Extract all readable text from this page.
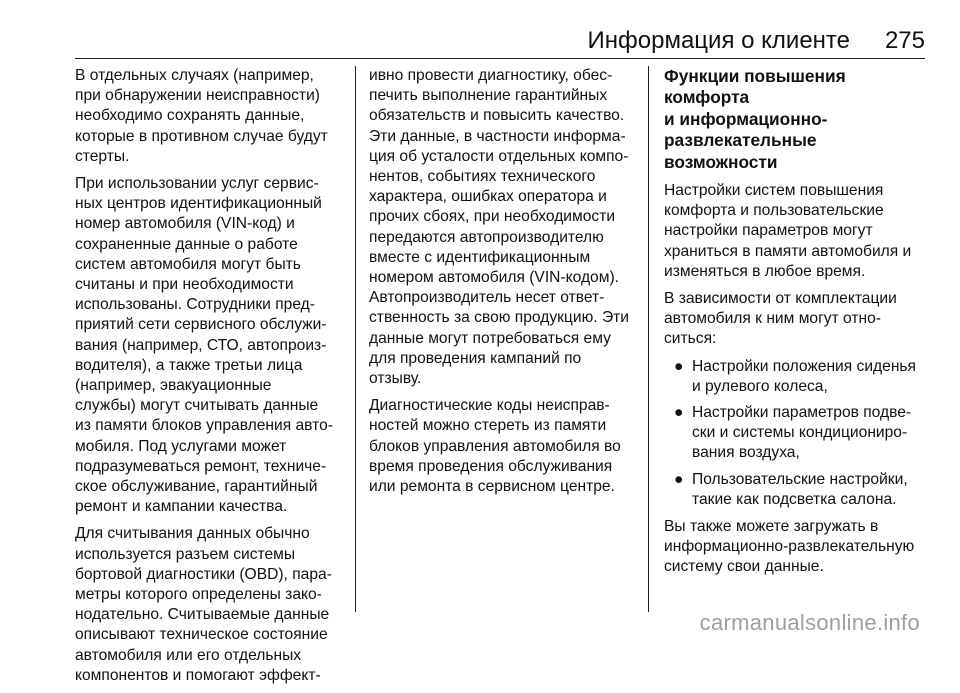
Информация о клиенте 275

В отдельных случаях (например,
при обнаружении неисправности)
необходимо сохранять данные,
которые в противном случае будут
стерты.

При использовании услуг сервис-
ных центров идентификационный
номер автомобиля (VIN-код) и
сохраненные данные о работе
систем автомобиля могут быть
считаны и при необходимости
использованы. Сотрудники пред-
приятий сети сервисного обслужи-
вания (например, СТО, автопроиз-
водителя), а также третьи лица
(например, эвакуационные
службы) могут считывать данные
из памяти блоков управления авто-
мобиля. Под услугами может
подразумеваться ремонт, техниче-
ское обслуживание, гарантийный
ремонт и кампании качества.

Для считывания данных обычно
используется разъем системы
бортовой диагностики (OBD), пара-
метры которого определены зако-
нодательно. Считываемые данные
описывают техническое состояние
автомобиля или его отдельных
компонентов и помогают эффект-

ивно провести диагностику, обес-
печить выполнение гарантийных
обязательств и повысить качество.
Эти данные, в частности информа-
ция об усталости отдельных компо-
нентов, событиях технического
характера, ошибках оператора и
прочих сбоях, при необходимости
передаются автопроизводителю
вместе с идентификационным
номером автомобиля (VIN-кодом).
Автопроизводитель несет ответ-
ственность за свою продукцию. Эти
данные могут потребоваться ему
для проведения кампаний по
отзыву.

Диагностические коды неисправ-
ностей можно стереть из памяти
блоков управления автомобиля во
время проведения обслуживания
или ремонта в сервисном центре.

Функции повышения комфорта
и информационно-
развлекательные возможности

Настройки систем повышения
комфорта и пользовательские
настройки параметров могут
храниться в памяти автомобиля и
изменяться в любое время.

В зависимости от комплектации
автомобиля к ним могут отно-
ситься:

● Настройки положения сиденья
и рулевого колеса,
● Настройки параметров подве-
ски и системы кондициониро-
вания воздуха,
● Пользовательские настройки,
такие как подсветка салона.

Вы также можете загружать в
информационно-развлекательную
систему свои данные.

carmanualsonline.info
